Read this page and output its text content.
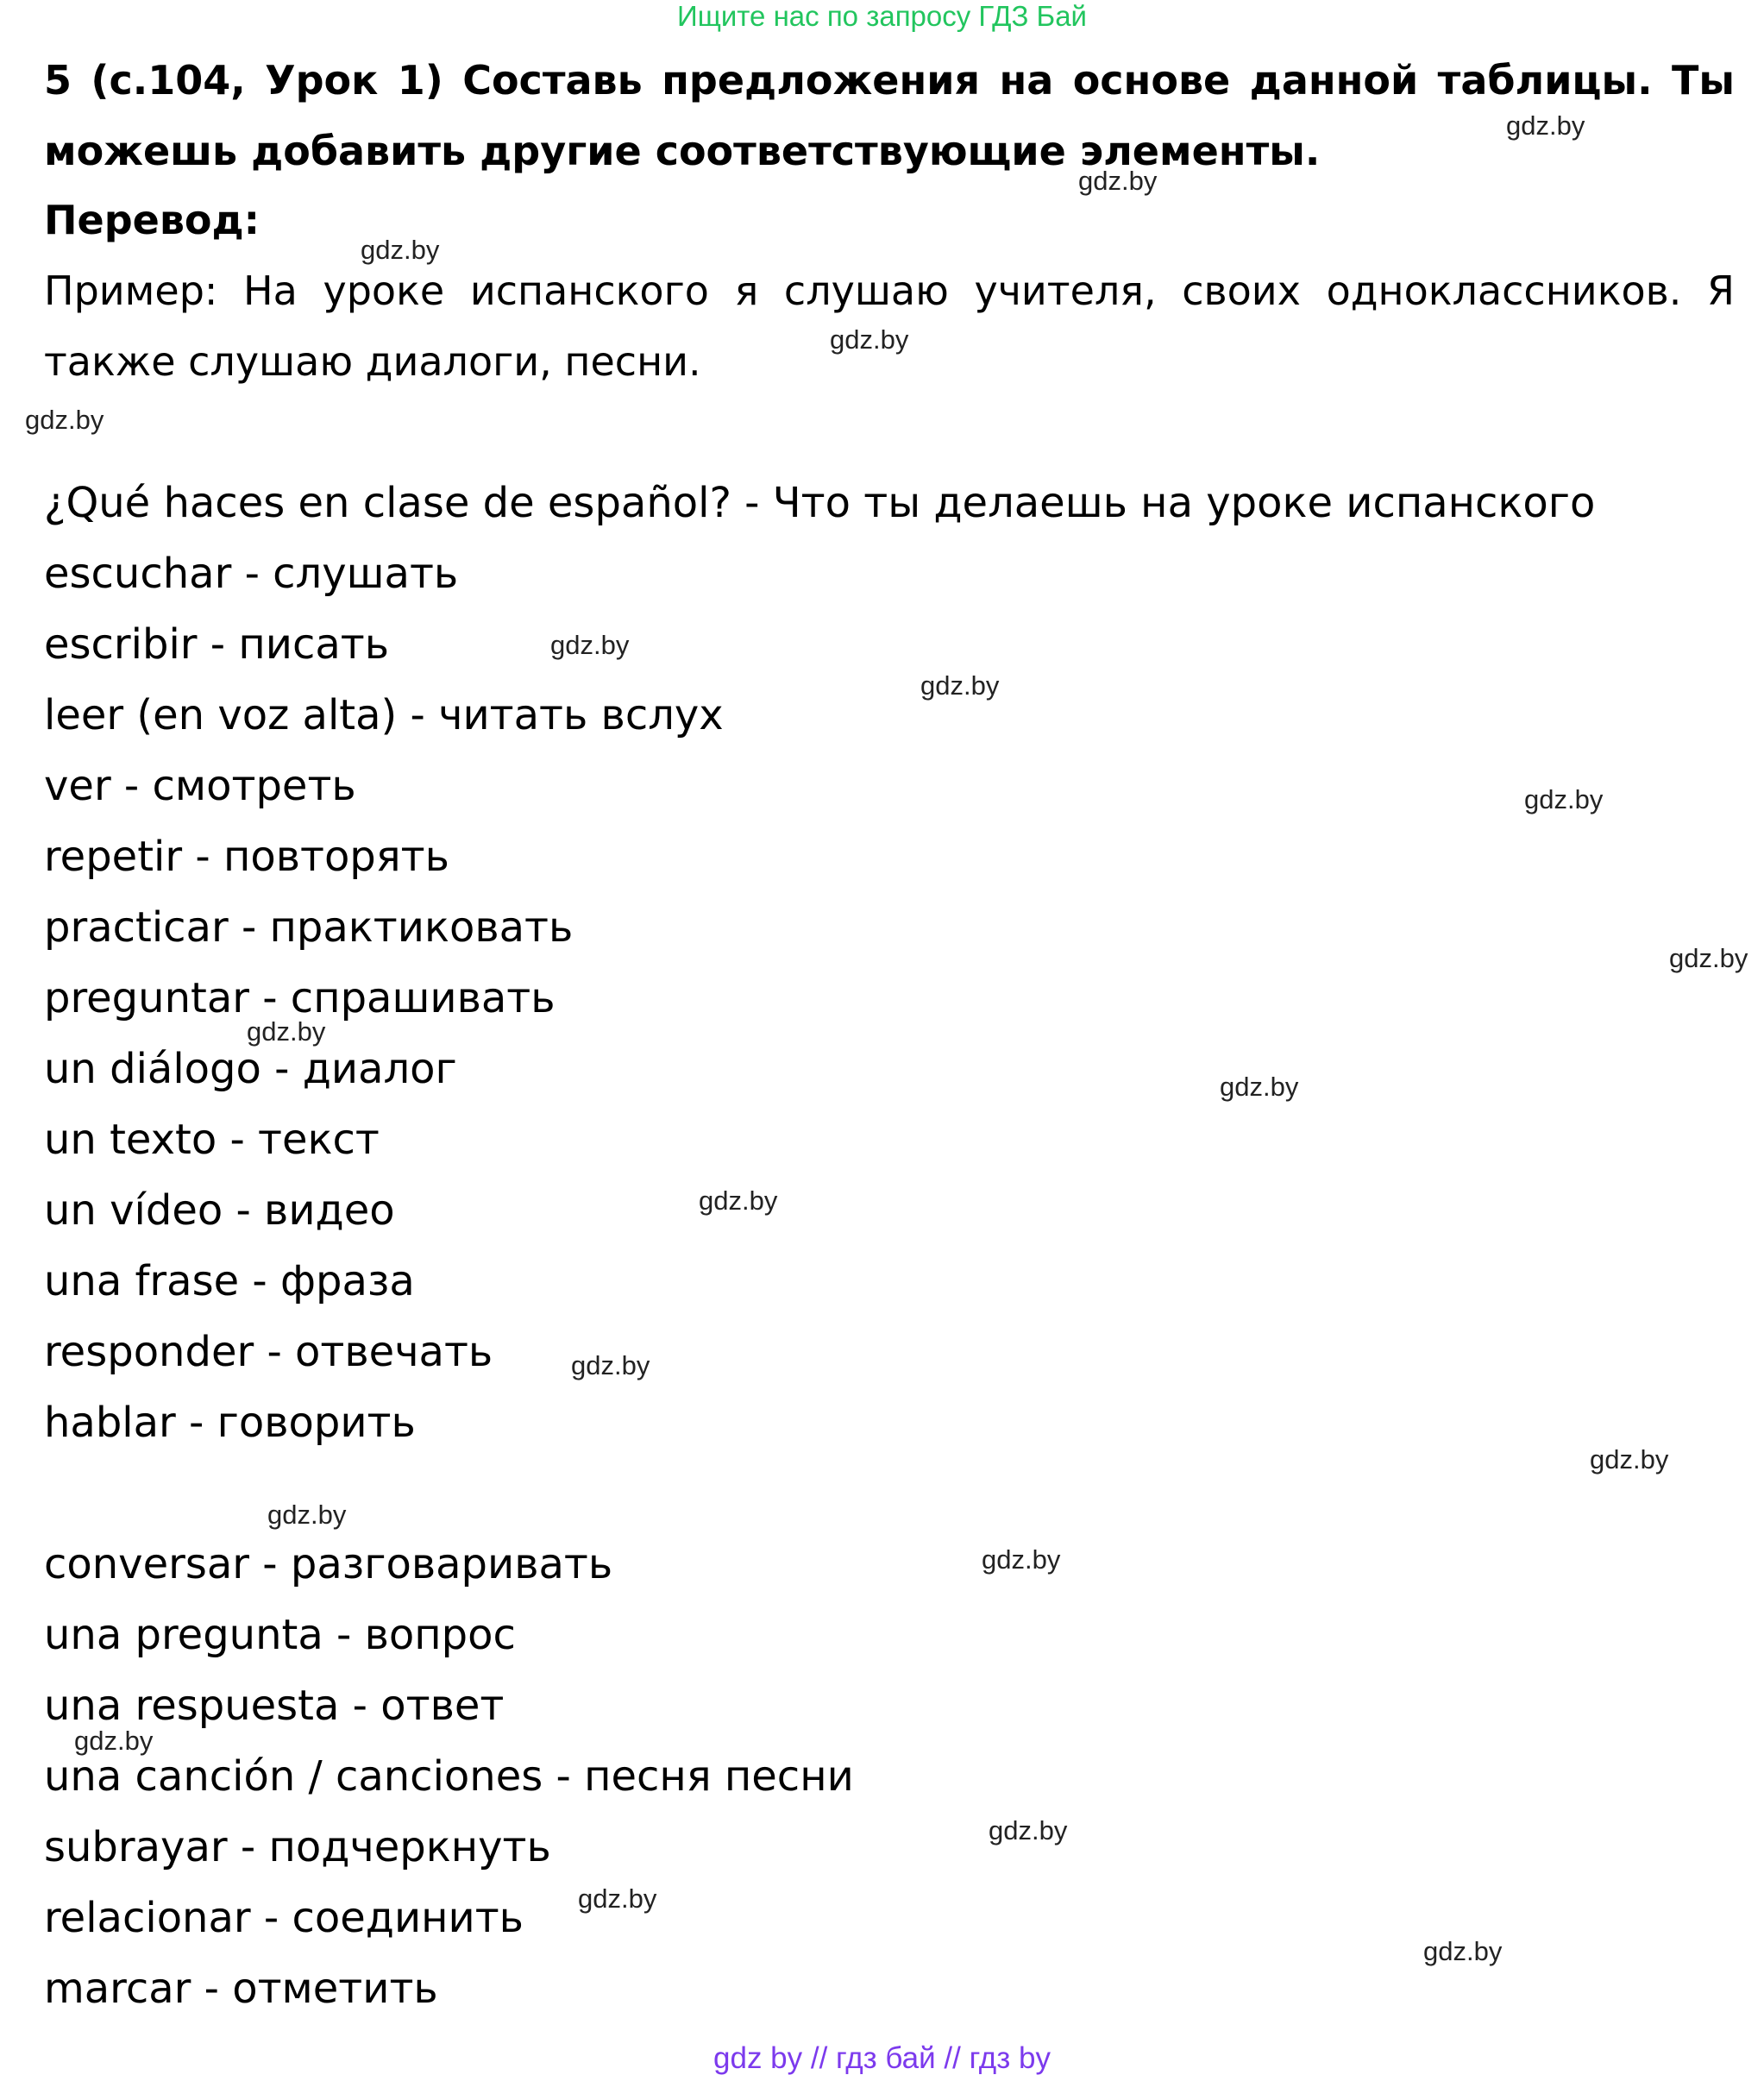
Ищите нас по запросу ГДЗ Бай
5 (с.104, Урок 1) Составь предложения на основе данной таблицы. Ты можешь добавить другие соответствующие элементы.
Перевод:
Пример: На уроке испанского я слушаю учителя, своих одноклассников. Я также слушаю диалоги, песни.
¿Qué haces en clase de español? - Что ты делаешь на уроке испанского
escuchar - слушать
escribir - писать
leer (en voz alta) - читать вслух
ver - смотреть
repetir - повторять
practicar - практиковать
preguntar - спрашивать
un diálogo - диалог
un texto - текст
un vídeo - видео
una frase - фраза
responder - отвечать
hablar - говорить
conversar - разговаривать
una pregunta - вопрос
una respuesta - ответ
una canción / canciones - песня песни
subrayar - подчеркнуть
relacionar - соединить
marcar - отметить
gdz.by
gdz.by
gdz.by
gdz.by
gdz.by
gdz.by
gdz.by
gdz.by
gdz.by
gdz.by
gdz.by
gdz.by
gdz.by
gdz.by
gdz.by
gdz.by
gdz.by
gdz.by
gdz.by
gdz.by
gdz by // гдз бай // гдз by
